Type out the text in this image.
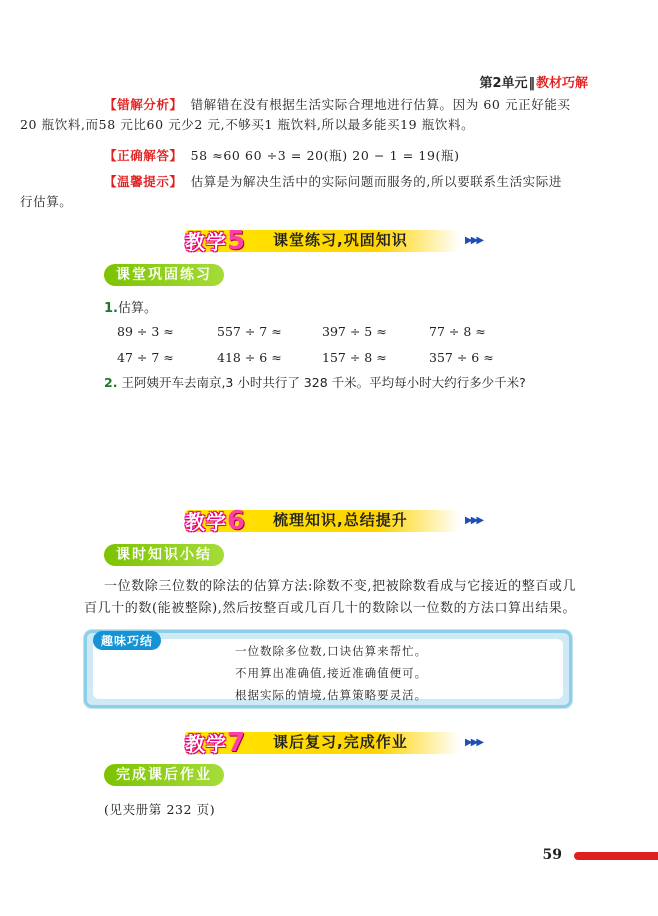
第2单元‖教材巧解
【错解分析】 错解错在没有根据生活实际合理地进行估算。因为 60 元正好能买
20 瓶饮料,而58 元比60 元少2 元,不够买1 瓶饮料,所以最多能买19 瓶饮料。
【正确解答】 58 ≈60 60 ÷3 = 20(瓶) 20 − 1 = 19(瓶)
【温馨提示】 估算是为解决生活中的实际问题而服务的,所以要联系生活实际进
行估算。
教学5 课堂练习,巩固知识	▶▶▶
课堂巩固练习
1.估算。
89 ÷ 3 ≈	557 ÷ 7 ≈	397 ÷ 5 ≈	77 ÷ 8 ≈
47 ÷ 7 ≈	418 ÷ 6 ≈	157 ÷ 8 ≈	357 ÷ 6 ≈
2. 王阿姨开车去南京,3 小时共行了 328 千米。平均每小时大约行多少千米?
教学6 梳理知识,总结提升	▶▶▶
课时知识小结
一位数除三位数的除法的估算方法:除数不变,把被除数看成与它接近的整百或几
百几十的数(能被整除),然后按整百或几百几十的数除以一位数的方法口算出结果。
趣味巧结
一位数除多位数,口诀估算来帮忙。
不用算出准确值,接近准确值便可。
根据实际的情境,估算策略要灵活。
教学7 课后复习,完成作业	▶▶▶
完成课后作业
(见夹册第 232 页)
59
